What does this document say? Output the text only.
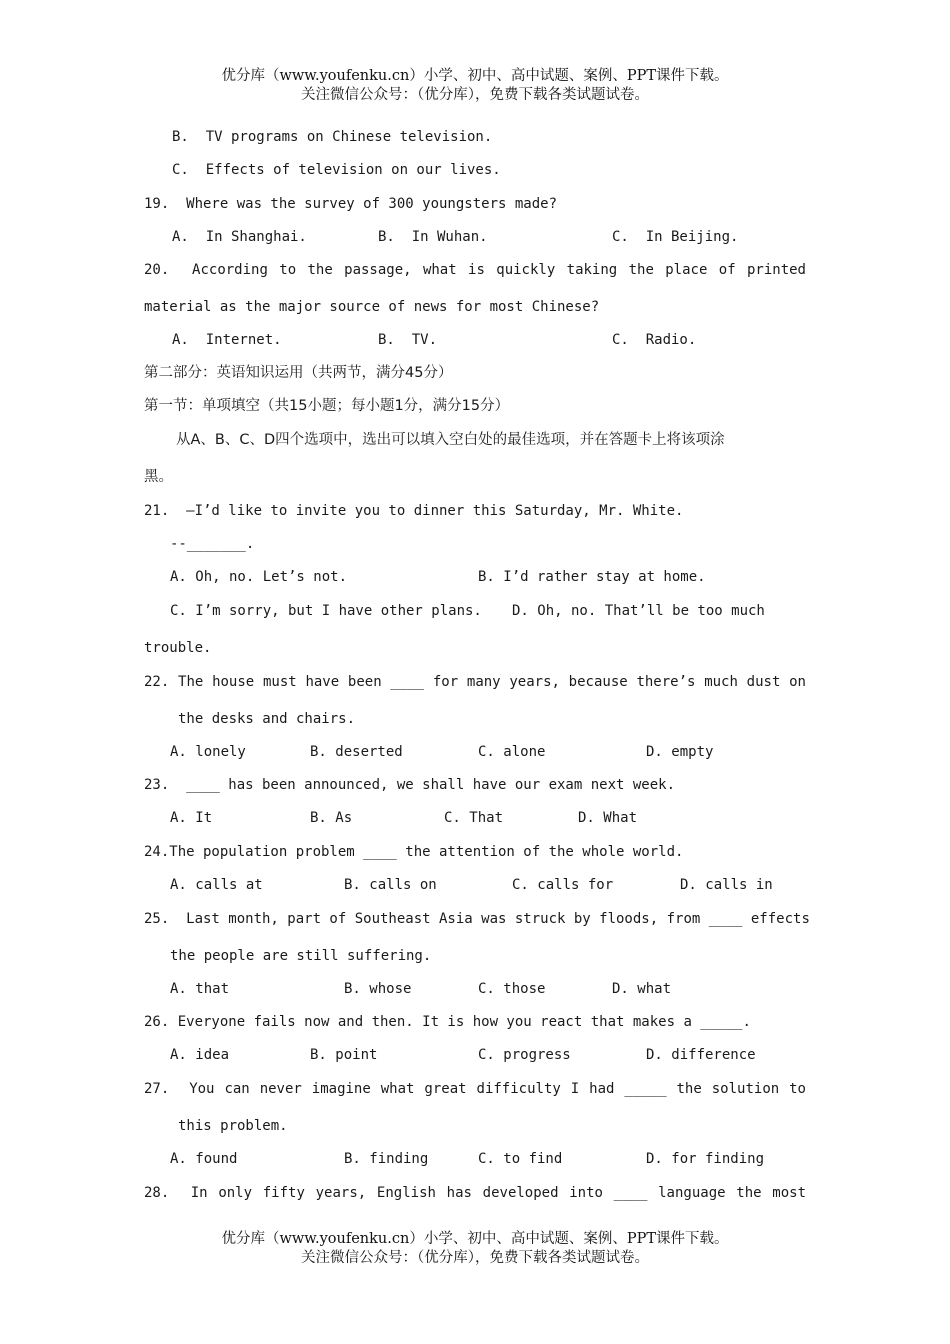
优分库（www.youfenku.cn）小学、初中、高中试题、案例、PPT课件下载。
关注微信公众号：（优分库），免费下载各类试题试卷。
B.  TV programs on Chinese television.
C.  Effects of television on our lives.
19.  Where was the survey of 300 youngsters made?
A.  In Shanghai.	B.  In Wuhan.	C.  In Beijing.
20.  According to the passage, what is quickly taking the place of printed
material as the major source of news for most Chinese?
A.  Internet.	B.  TV.	C.  Radio.
第二部分：英语知识运用（共两节，满分45分）
第一节：单项填空（共15小题；每小题1分，满分15分）
从A、B、C、D四个选项中，选出可以填入空白处的最佳选项，并在答题卡上将该项涂
黑。
21.  –I’d like to invite you to dinner this Saturday, Mr. White.
--_______.
A. Oh, no. Let’s not.	B. I’d rather stay at home.
C. I’m sorry, but I have other plans. D. Oh, no. That’ll be too much
trouble.
22. The house must have been ____ for many years, because there’s much dust on
the desks and chairs.
A. lonely	B. deserted	C. alone	D. empty
23.  ____ has been announced, we shall have our exam next week.
A. It	B. As	C. That	D. What
24.The population problem ____ the attention of the whole world.
A. calls at	B. calls on	C. calls for	D. calls in
25.  Last month, part of Southeast Asia was struck by floods, from ____ effects
the people are still suffering.
A. that	B. whose	C. those	D. what
26. Everyone fails now and then. It is how you react that makes a _____.
A. idea	B. point	C. progress	D. difference
27.  You can never imagine what great difficulty I had _____ the solution to
this problem.
A. found	B. finding	C. to find	D. for finding
28.  In only fifty years, English has developed into ____ language the most
优分库（www.youfenku.cn）小学、初中、高中试题、案例、PPT课件下载。
关注微信公众号：（优分库），免费下载各类试题试卷。
